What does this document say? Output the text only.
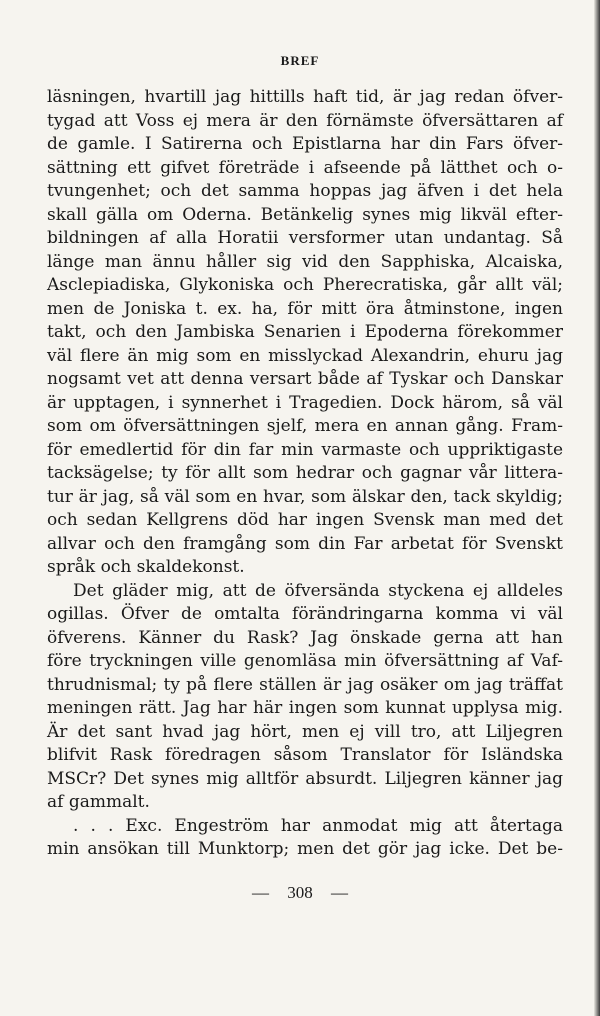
BREF
läsningen, hvartill jag hittills haft tid, är jag redan öfver-
tygad att Voss ej mera är den förnämste öfversättaren af
de gamle. I Satirerna och Epistlarna har din Fars öfver-
sättning ett gifvet företräde i afseende på lätthet och o-
tvungenhet; och det samma hoppas jag äfven i det hela
skall gälla om Oderna. Betänkelig synes mig likväl efter-
bildningen af alla Horatii versformer utan undantag. Så
länge man ännu håller sig vid den Sapphiska, Alcaiska,
Asclepiadiska, Glykoniska och Pherecratiska, går allt väl;
men de Joniska t. ex. ha, för mitt öra åtminstone, ingen
takt, och den Jambiska Senarien i Epoderna förekommer
väl flere än mig som en misslyckad Alexandrin, ehuru jag
nogsamt vet att denna versart både af Tyskar och Danskar
är upptagen, i synnerhet i Tragedien. Dock härom, så väl
som om öfversättningen sjelf, mera en annan gång. Fram-
för emedlertid för din far min varmaste och uppriktigaste
tacksägelse; ty för allt som hedrar och gagnar vår littera-
tur är jag, så väl som en hvar, som älskar den, tack skyldig;
och sedan Kellgrens död har ingen Svensk man med det
allvar och den framgång som din Far arbetat för Svenskt
språk och skaldekonst.
Det gläder mig, att de öfversända styckena ej alldeles
ogillas. Öfver de omtalta förändringarna komma vi väl
öfverens. Känner du Rask? Jag önskade gerna att han
före tryckningen ville genomläsa min öfversättning af Vaf-
thrudnismal; ty på flere ställen är jag osäker om jag träffat
meningen rätt. Jag har här ingen som kunnat upplysa mig.
Är det sant hvad jag hört, men ej vill tro, att Liljegren
blifvit Rask föredragen såsom Translator för Isländska
MSCr? Det synes mig alltför absurdt. Liljegren känner jag
af gammalt.
. . . Exc. Engeström har anmodat mig att återtaga
min ansökan till Munktorp; men det gör jag icke. Det be-
— 308 —
